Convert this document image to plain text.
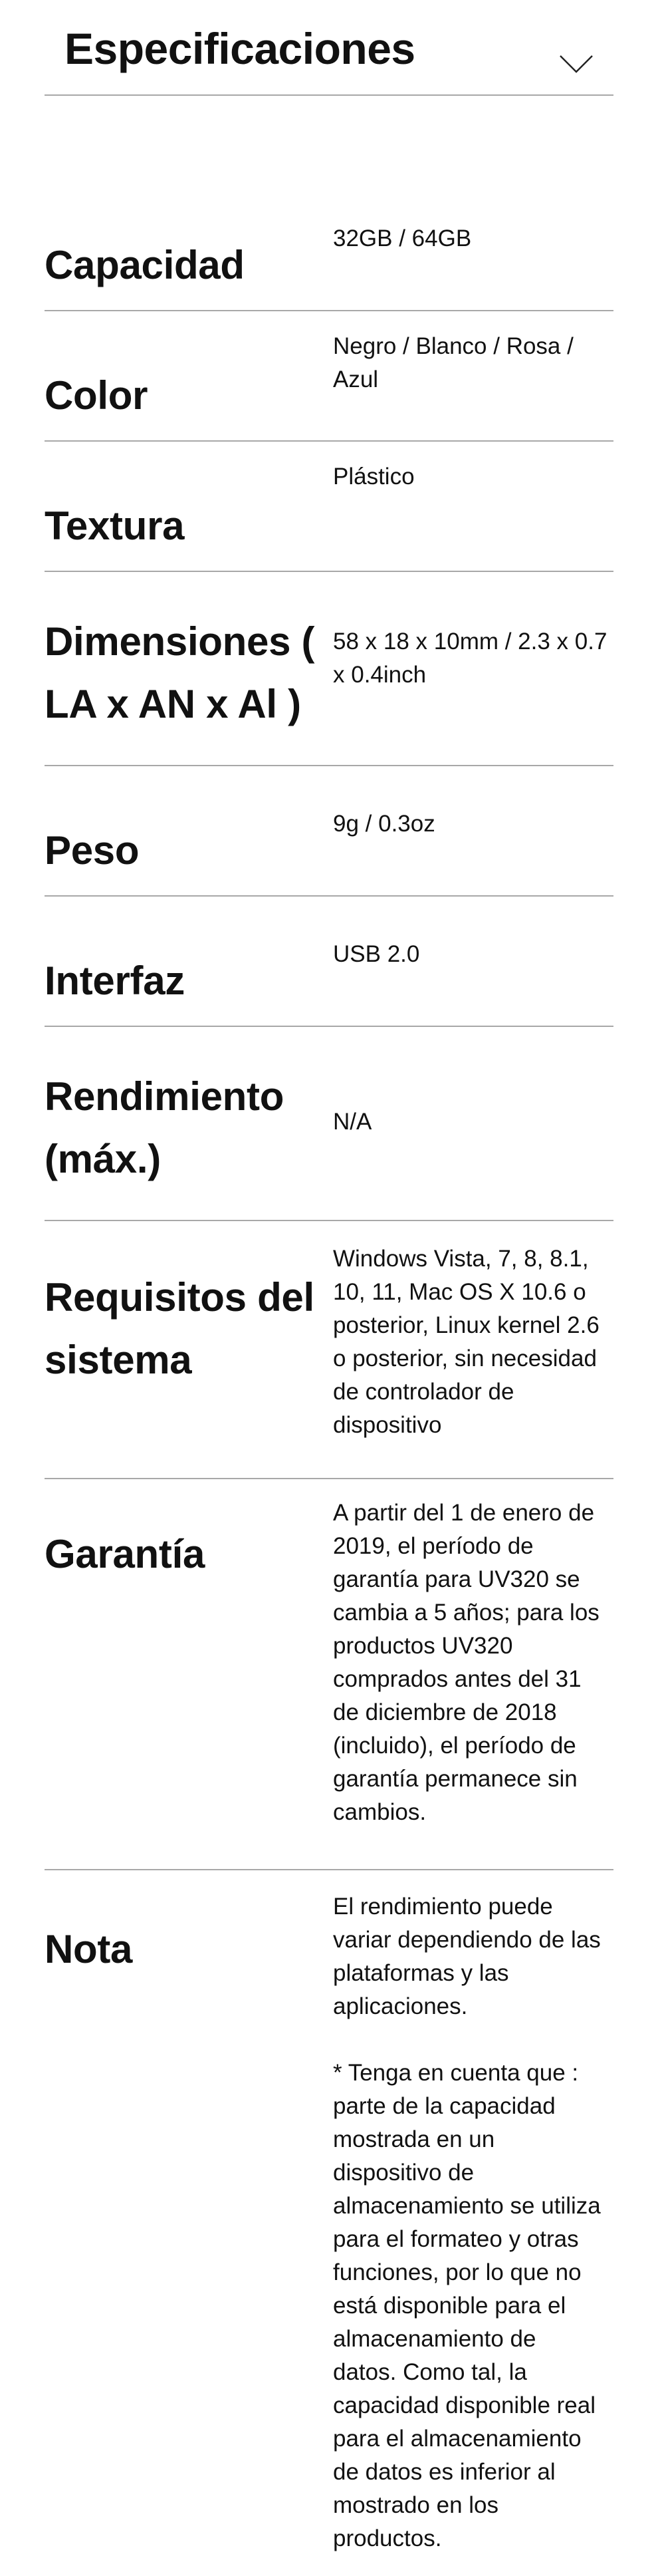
Especificaciones
Capacidad
32GB / 64GB
Color
Negro / Blanco / Rosa /
Azul
Textura
Plástico
Dimensiones (
LA x AN x Al )
58 x 18 x 10mm / 2.3 x 0.7
x 0.4inch
Peso
9g / 0.3oz
Interfaz
USB 2.0
Rendimiento
(máx.)
N/A
Requisitos del
sistema
Windows Vista, 7, 8, 8.1,
10, 11, Mac OS X 10.6 o
posterior, Linux kernel 2.6
o posterior, sin necesidad
de controlador de
dispositivo
Garantía
A partir del 1 de enero de
2019, el período de
garantía para UV320 se
cambia a 5 años; para los
productos UV320
comprados antes del 31
de diciembre de 2018
(incluido), el período de
garantía permanece sin
cambios.
Nota
El rendimiento puede
variar dependiendo de las
plataformas y las
aplicaciones.

* Tenga en cuenta que :
parte de la capacidad
mostrada en un
dispositivo de
almacenamiento se utiliza
para el formateo y otras
funciones, por lo que no
está disponible para el
almacenamiento de
datos. Como tal, la
capacidad disponible real
para el almacenamiento
de datos es inferior al
mostrado en los
productos.
